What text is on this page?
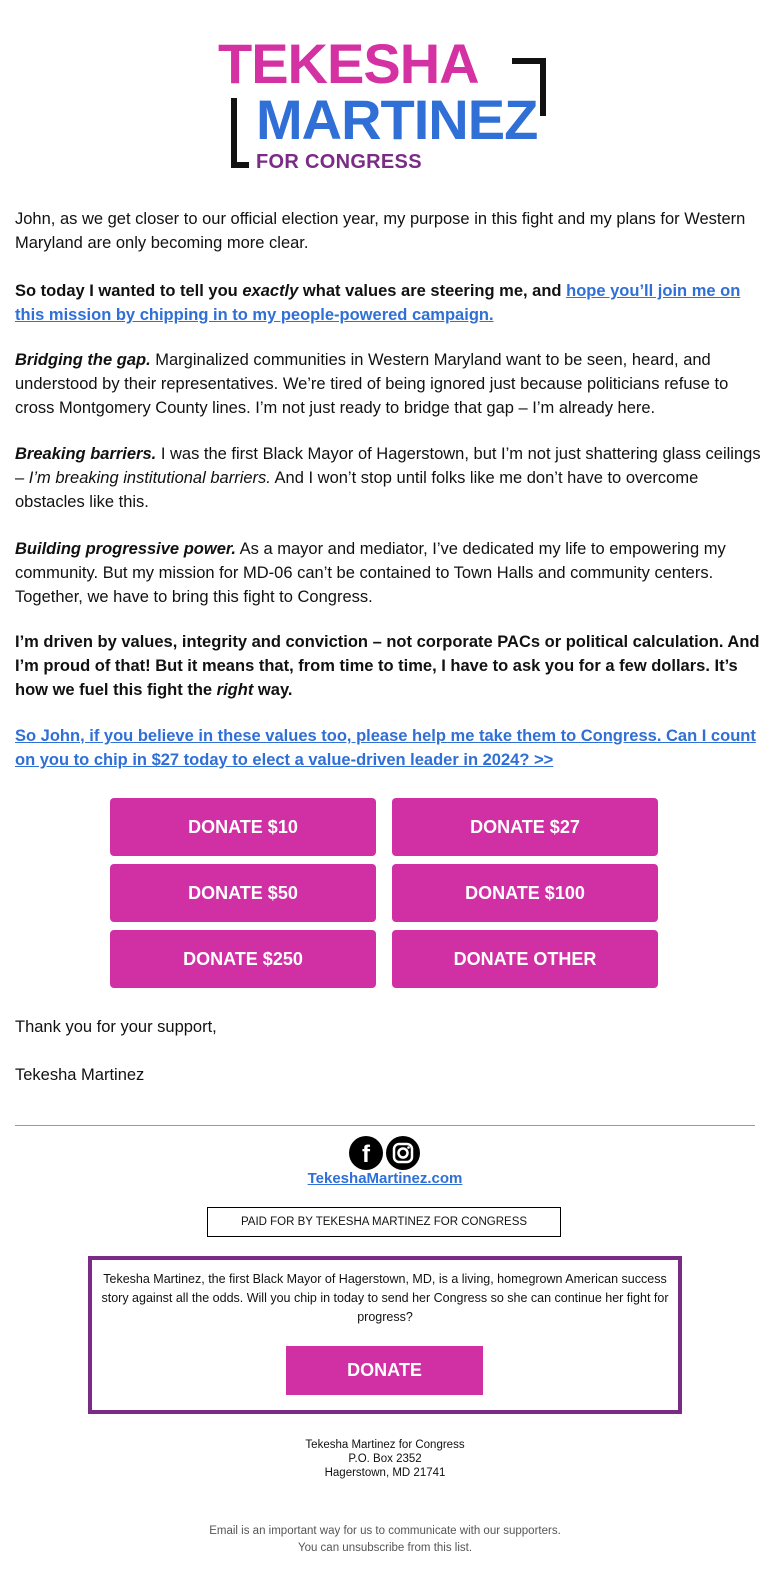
TEKESHA
MARTINEZ
FOR CONGRESS

John, as we get closer to our official election year, my purpose in this fight and my plans for Western Maryland are only becoming more clear.

So today I wanted to tell you exactly what values are steering me, and hope you’ll join me on this mission by chipping in to my people-powered campaign.

Bridging the gap. Marginalized communities in Western Maryland want to be seen, heard, and understood by their representatives. We’re tired of being ignored just because politicians refuse to cross Montgomery County lines. I’m not just ready to bridge that gap – I’m already here.

Breaking barriers. I was the first Black Mayor of Hagerstown, but I’m not just shattering glass ceilings – I’m breaking institutional barriers. And I won’t stop until folks like me don’t have to overcome obstacles like this.

Building progressive power. As a mayor and mediator, I’ve dedicated my life to empowering my community. But my mission for MD-06 can’t be contained to Town Halls and community centers. Together, we have to bring this fight to Congress.

I’m driven by values, integrity and conviction – not corporate PACs or political calculation. And I’m proud of that! But it means that, from time to time, I have to ask you for a few dollars. It’s how we fuel this fight the right way.

So John, if you believe in these values too, please help me take them to Congress. Can I count on you to chip in $27 today to elect a value-driven leader in 2024? >>

DONATE $10	DONATE $27
DONATE $50	DONATE $100
DONATE $250	DONATE OTHER
Thank you for your support,
Tekesha Martinez
f
TekeshaMartinez.com
PAID FOR BY TEKESHA MARTINEZ FOR CONGRESS
Tekesha Martinez, the first Black Mayor of Hagerstown, MD, is a living, homegrown American success story against all the odds. Will you chip in today to send her Congress so she can continue her fight for progress?
DONATE
Tekesha Martinez for Congress
P.O. Box 2352
Hagerstown, MD 21741
Email is an important way for us to communicate with our supporters.
You can unsubscribe from this list.
